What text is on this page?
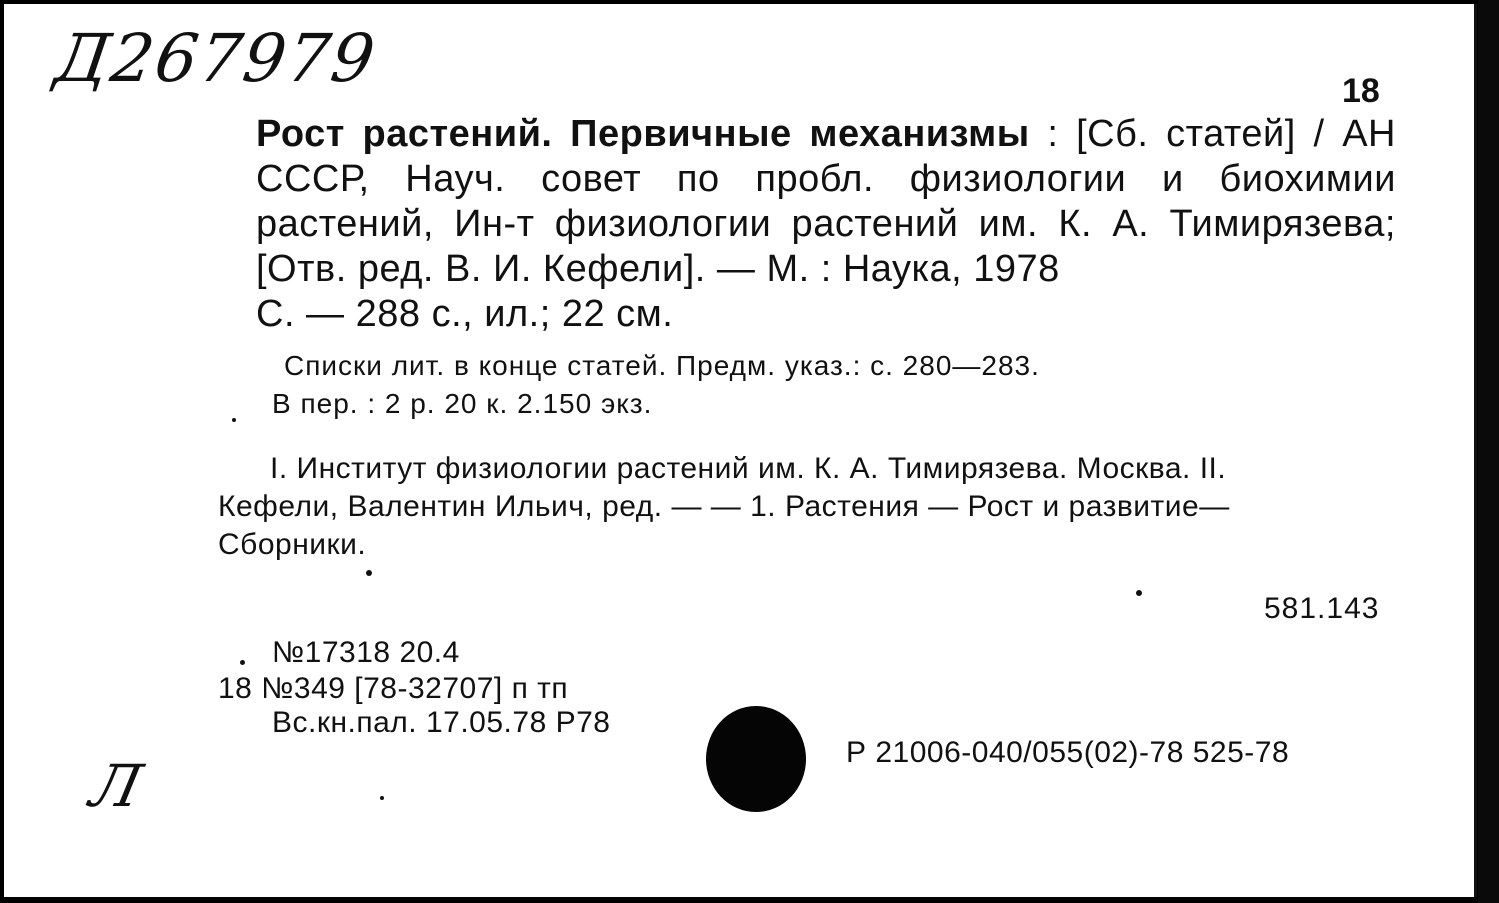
Д267979	18

Рост растений. Первичные механизмы : [Сб. статей] / АН СССР, Науч. совет по пробл. физиологии и биохимии растений, Ин-т физиологии растений им. К. А. Тимирязева; [Отв. ред. В. И. Кефели]. — М. : Наука, 1978
С. — 288 с., ил.; 22 см.

Списки лит. в конце статей. Предм. указ.: с. 280—283.

В пер. : 2 р. 20 к. 2.150 экз.

I. Институт физиологии растений им. К. А. Тимирязева. Москва. II.
Кефели, Валентин Ильич, ред. — — 1. Растения — Рост и развитие—
Сборники.

581.143

№17318 20.4

18 №349 [78-32707] п тп

Вс.кн.пал. 17.05.78 Р78

Р 21006-040/055(02)-78 525-78

Л
